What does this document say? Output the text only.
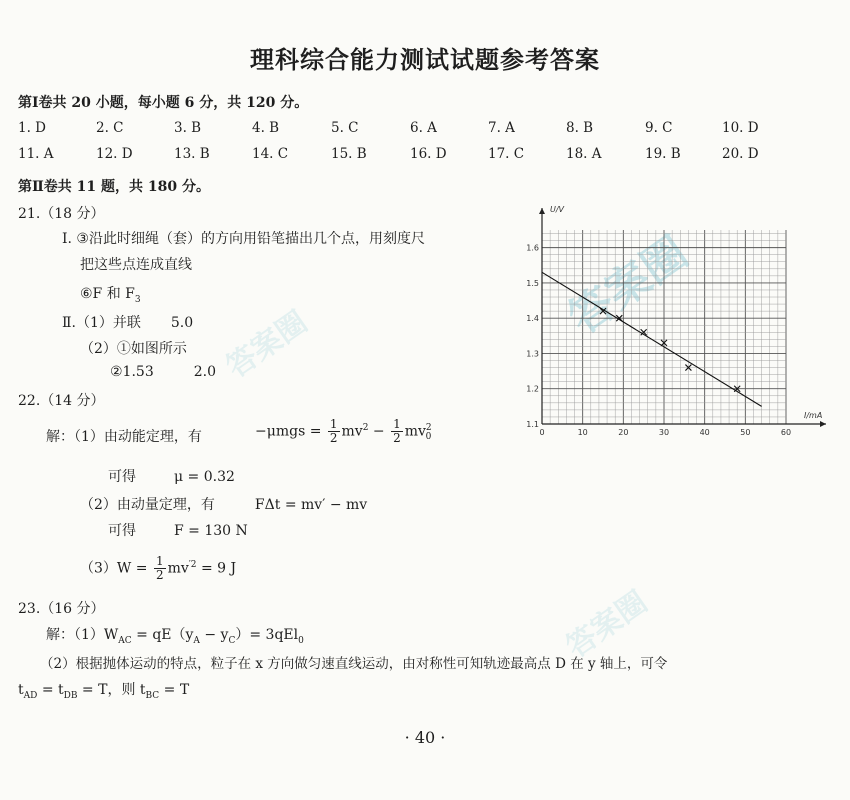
答案圈
答案圈
答案圈
理科综合能力测试试题参考答案
第Ⅰ卷共 20 小题，每小题 6 分，共 120 分。
1. D	2. C	3. B	4. B	5. C	6. A	7. A	8. B	9. C	10. D
11. A	12. D	13. B	14. C	15. B	16. D	17. C	18. A	19. B	20. D
第Ⅱ卷共 11 题，共 180 分。
21.（18 分）
Ⅰ. ③沿此时细绳（套）的方向用铅笔描出几个点，用刻度尺
把这些点连成直线
⑥F 和 $F_3$
Ⅱ.（1）并联 5.0
（2）①如图所示
②1.53	2.0
22.（14 分）
解：（1）由动能定理，有	$-\mu mgs = \frac{1}{2} mv^2 - \frac{1}{2} mv^2_0$
可得	μ = 0.32
（2）由动量定理，有	FΔt = mv′ − mv
可得	F = 130 N
$(3)W = \frac{1}{2} mv^{'2} = 9$ J
23.（16 分）
解：$(1)W_{AC} = qE(y_A - y_C)= 3qEl_0$
（2）根据抛体运动的特点，粒子在 x 方向做匀速直线运动，由对称性可知轨迹最高点 D 在 y 轴上，可令
$t_{AD} = t_{DB} = T$，则 $t_{BC} = T$
· 40 ·
0	10	20	30	40	50	60
1.1
1.2
1.3
1.4
1.5
1.6
U/V
I/mA
